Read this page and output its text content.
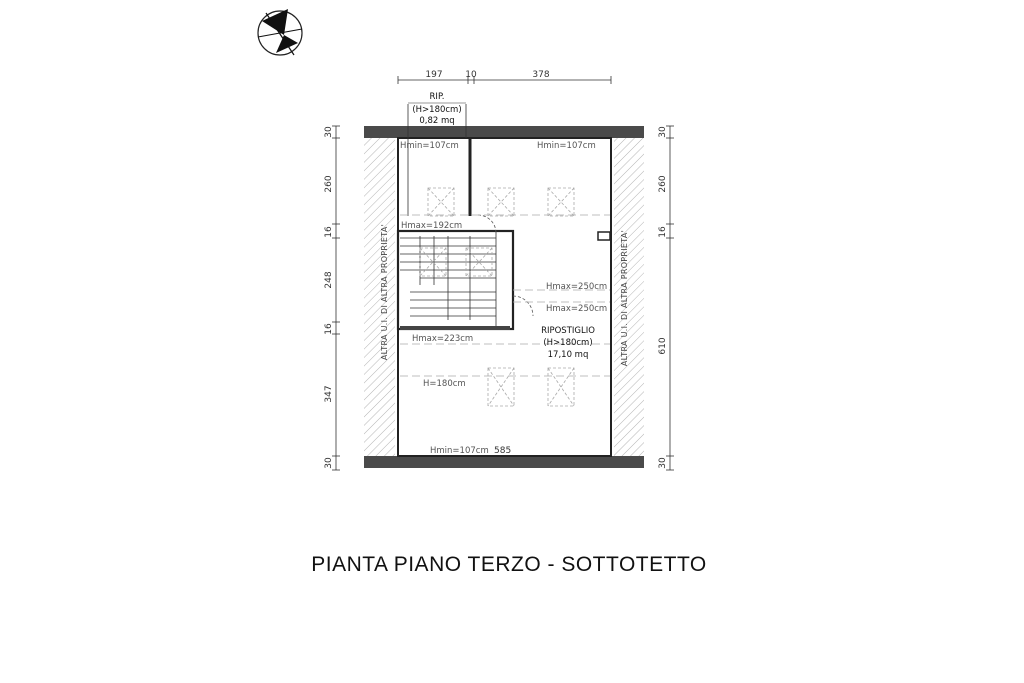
197	10	378
30
260
16
248
16
347
30
30
260
16
610
30
ALTRA U.I. DI ALTRA PROPRIETA'	ALTRA U.I. DI ALTRA PROPRIETA'
RIP.
(H>180cm)
0,82 mq
RIPOSTIGLIO
(H>180cm)
17,10 mq
Hmin=107cm	Hmin=107cm
Hmax=192cm
Hmax=250cm
Hmax=250cm
Hmax=223cm
H=180cm
Hmin=107cm 585
PIANTA PIANO TERZO - SOTTOTETTO
